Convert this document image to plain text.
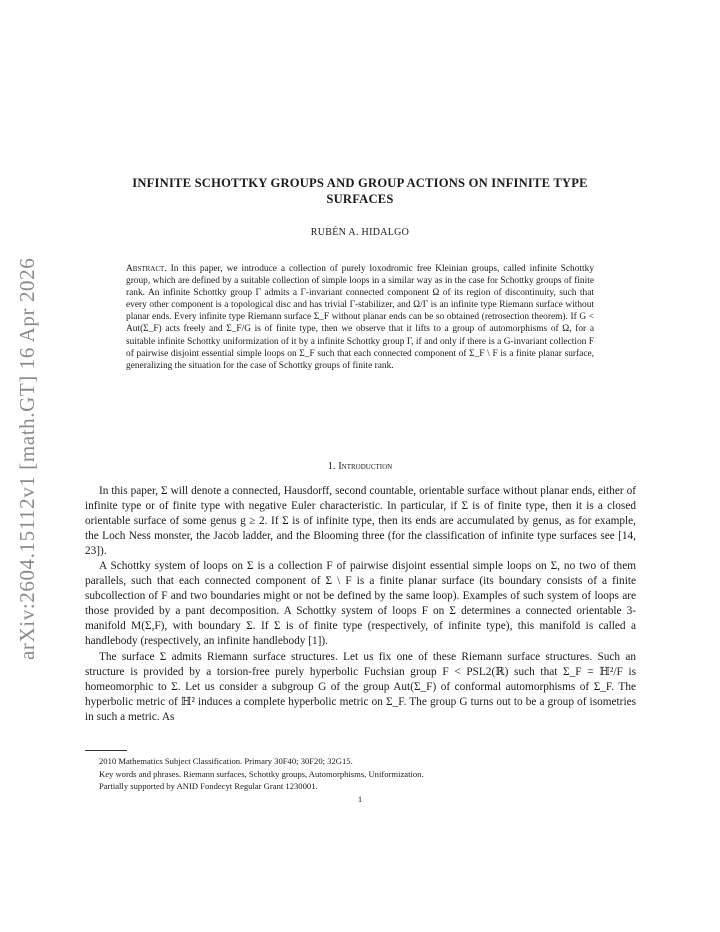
arXiv:2604.15112v1 [math.GT] 16 Apr 2026
INFINITE SCHOTTKY GROUPS AND GROUP ACTIONS ON INFINITE TYPE SURFACES
RUBÉN A. HIDALGO
Abstract. In this paper, we introduce a collection of purely loxodromic free Kleinian groups, called infinite Schottky group, which are defined by a suitable collection of simple loops in a similar way as in the case for Schottky groups of finite rank. An infinite Schottky group Γ admits a Γ-invariant connected component Ω of its region of discontinuity, such that every other component is a topological disc and has trivial Γ-stabilizer, and Ω/Γ is an infinite type Riemann surface without planar ends. Every infinite type Riemann surface Σ_F without planar ends can be so obtained (retrosection theorem). If G < Aut(Σ_F) acts freely and Σ_F/G is of finite type, then we observe that it lifts to a group of automorphisms of Ω, for a suitable infinite Schottky uniformization of it by a infinite Schottky group Γ, if and only if there is a G-invariant collection F of pairwise disjoint essential simple loops on Σ_F such that each connected component of Σ_F \ F is a finite planar surface, generalizing the situation for the case of Schottky groups of finite rank.
1. Introduction

In this paper, Σ will denote a connected, Hausdorff, second countable, orientable surface without planar ends, either of infinite type or of finite type with negative Euler characteristic. In particular, if Σ is of finite type, then it is a closed orientable surface of some genus g ≥ 2. If Σ is of infinite type, then its ends are accumulated by genus, as for example, the Loch Ness monster, the Jacob ladder, and the Blooming three (for the classification of infinite type surfaces see [14, 23]).

A Schottky system of loops on Σ is a collection F of pairwise disjoint essential simple loops on Σ, no two of them parallels, such that each connected component of Σ \ F is a finite planar surface (its boundary consists of a finite subcollection of F and two boundaries might or not be defined by the same loop). Examples of such system of loops are those provided by a pant decomposition. A Schottky system of loops F on Σ determines a connected orientable 3-manifold M(Σ,F), with boundary Σ. If Σ is of finite type (respectively, of infinite type), this manifold is called a handlebody (respectively, an infinite handlebody [1]).

The surface Σ admits Riemann surface structures. Let us fix one of these Riemann surface structures. Such an structure is provided by a torsion-free purely hyperbolic Fuchsian group F < PSL2(ℝ) such that Σ_F = ℍ²/F is homeomorphic to Σ. Let us consider a subgroup G of the group Aut(Σ_F) of conformal automorphisms of Σ_F. The hyperbolic metric of ℍ² induces a complete hyperbolic metric on Σ_F. The group G turns out to be a group of isometries in such a metric. As

2010 Mathematics Subject Classification. Primary 30F40; 30F20; 32G15.
Key words and phrases. Riemann surfaces, Schottky groups, Automorphisms, Uniformization.
Partially supported by ANID Fondecyt Regular Grant 1230001.
1
